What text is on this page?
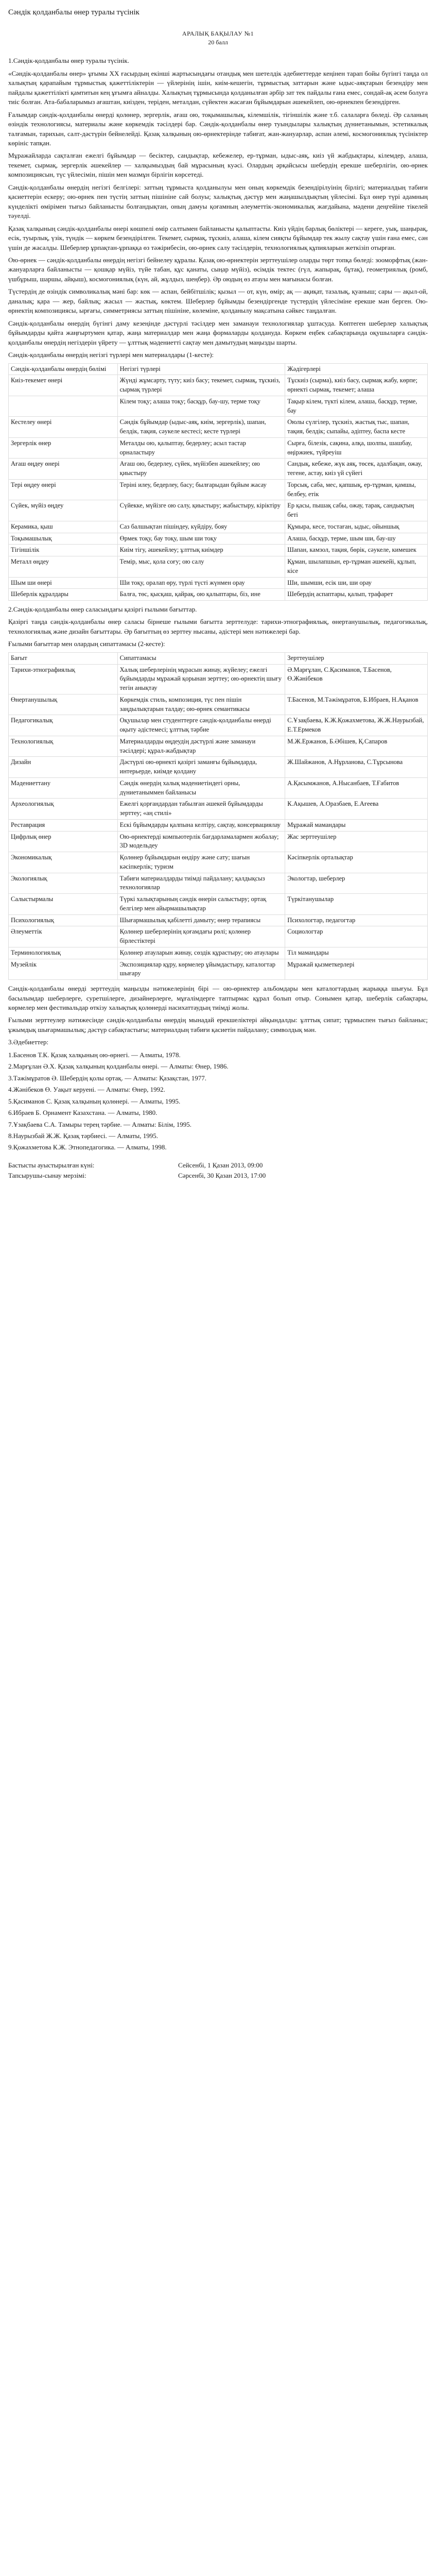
Сәндік қолданбалы өнер туралы түсінік
АРАЛЫҚ БАҚЫЛАУ №1
20 балл
1.Сәндік-қолданбалы өнер туралы түсінік.

«Сәндік-қолданбалы өнер» ұғымы XX ғасырдың екінші жартысындағы отандық мен шетелдік әдебиеттерде кеңінен тарап бойы бүгінгі таңда ол халықтың қарапайым тұрмыстық қажеттіліктерін — үйлерінің ішін, киім-кешегін, тұрмыстық заттарын және ыдыс-аяқтарын безендіру мен пайдалы қажеттілікті қамтитын кең ұғымға айналды. Халықтың тұрмысында қолданылған әрбір зат тек пайдалы ғана емес, сондай-ақ әсем болуға тиіс болған. Ата-бабаларымыз ағаштан, киізден, теріден, металдан, сүйектен жасаған бұйымдарын әшекейлеп, ою-өрнекпен безендірген.

Ғалымдар сәндік-қолданбалы өнерді қолөнер, зергерлік, ағаш ою, тоқымашылық, кілемшілік, тігіншілік және т.б. салаларға бөледі. Әр саланың өзіндік технологиясы, материалы және көркемдік тәсілдері бар. Сәндік-қолданбалы өнер туындылары халықтың дүниетанымын, эстетикалық талғамын, тарихын, салт-дәстүрін бейнелейді. Қазақ халқының ою-өрнектерінде табиғат, жан-жануарлар, аспан әлемі, космогониялық түсініктер көрініс тапқан.

Мұражайларда сақталған ежелгі бұйымдар — бесіктер, сандықтар, кебежелер, ер-тұрман, ыдыс-аяқ, киіз үй жабдықтары, кілемдер, алаша, текемет, сырмақ, зергерлік әшекейлер — халқымыздың бай мұрасының куәсі. Олардың әрқайсысы шебердің ерекше шеберлігін, ою-өрнек композициясын, түс үйлесімін, пішін мен мазмұн бірлігін көрсетеді.

Сәндік-қолданбалы өнердің негізгі белгілері: заттың тұрмыста қолданылуы мен оның көркемдік безендірілуінің бірлігі; материалдың табиғи қасиеттерін ескеру; ою-өрнек пен түстің заттың пішініне сай болуы; халықтық дәстүр мен жаңашылдықтың үйлесімі. Бұл өнер түрі адамның күнделікті өмірімен тығыз байланысты болғандықтан, оның дамуы қоғамның әлеуметтік-экономикалық жағдайына, мәдени деңгейіне тікелей тәуелді.

Қазақ халқының сәндік-қолданбалы өнері көшпелі өмір салтымен байланысты қалыптасты. Киіз үйдің барлық бөліктері — кереге, уық, шаңырақ, есік, туырлық, үзік, түндік — көркем безендірілген. Текемет, сырмақ, тұскиіз, алаша, кілем сияқты бұйымдар тек жылу сақтау үшін ғана емес, сән үшін де жасалды. Шеберлер ұрпақтан-ұрпаққа өз тәжірибесін, ою-өрнек салу тәсілдерін, технологиялық құпияларын жеткізіп отырған.

Ою-өрнек — сәндік-қолданбалы өнердің негізгі бейнелеу құралы. Қазақ ою-өрнектерін зерттеушілер оларды төрт топқа бөледі: зооморфтық (жан-жануарларға байланысты — қошқар мүйіз, түйе табан, құс қанаты, сыңар мүйіз), өсімдік тектес (гүл, жапырақ, бұтақ), геометриялық (ромб, үшбұрыш, шаршы, айқыш), космогониялық (күн, ай, жұлдыз, шеңбер). Әр оюдың өз атауы мен мағынасы болған.

Түстердің де өзіндік символикалық мәні бар: көк — аспан, бейбітшілік; қызыл — от, күн, өмір; ақ — ақиқат, тазалық, қуаныш; сары — ақыл-ой, даналық; қара — жер, байлық; жасыл — жастық, көктем. Шеберлер бұйымды безендіргенде түстердің үйлесіміне ерекше мән берген. Ою-өрнектің композициясы, ырғағы, симметриясы заттың пішініне, көлеміне, қолданылу мақсатына сәйкес таңдалған.

Сәндік-қолданбалы өнердің бүгінгі даму кезеңінде дәстүрлі тәсілдер мен заманауи технологиялар ұштасуда. Көптеген шеберлер халықтық бұйымдарды қайта жаңғыртумен қатар, жаңа материалдар мен жаңа формаларды қолдануда. Көркем еңбек сабақтарында оқушыларға сәндік-қолданбалы өнердің негіздерін үйрету — ұлттық мәдениетті сақтау мен дамытудың маңызды шарты.

Сәндік-қолданбалы өнердің негізгі түрлері мен материалдары (1-кесте):

Сәндік-қолданбалы өнердің бөлімі	Негізгі түрлері	Жәдігерлері
Киіз-текемет өнері	Жүнді жұмсарту, түту; киіз басу; текемет, сырмақ, тұскиіз, сырмақ түрлері	Тұскиіз (сырма), киіз басу, сырмақ жабу, көрпе; өрнекті сырмақ, текемет; алаша
	Кілем тоқу; алаша тоқу; басқұр, бау-шу, терме тоқу	Тақыр кілем, түкті кілем, алаша, басқұр, терме, бау
Кестелеу өнері	Сәндік бұйымдар (ыдыс-аяқ, киім, зергерлік), шапан, белдік, тақия, сәукеле кестесі; кесте түрлері	Оюлы сүлгілер, тұскиіз, жастық тыс, шапан, тақия, белдік; сыпайы, әдіптеу, баспа кесте
Зергерлік өнер	Металды ою, қалыптау, бедерлеу; асыл тастар орналастыру	Сырға, білезік, сақина, алқа, шолпы, шашбау, өңіржиек, түйреуіш
Ағаш өңдеу өнері	Ағаш ою, бедерлеу, сүйек, мүйізбен әшекейлеу; ою қиыстыру	Сандық, кебеже, жүк аяқ, төсек, адалбақан, ожау, тегене, астау, киіз үй сүйегі
Тері өңдеу өнері	Теріні илеу, бедерлеу, басу; былғарыдан бұйым жасау	Торсық, саба, мес, қапшық, ер-тұрман, қамшы, белбеу, етік
Сүйек, мүйіз өңдеу	Сүйекке, мүйізге ою салу, қиыстыру; жабыстыру, кіріктіру	Ер қасы, пышақ сабы, ожау, тарақ, сандықтың беті
Керамика, қыш	Саз балшықтан пішіндеу, күйдіру, бояу	Құмыра, кесе, тостаған, ыдыс, ойыншық
Тоқымашылық	Өрмек тоқу, бау тоқу, шым ши тоқу	Алаша, басқұр, терме, шым ши, бау-шу
Тігіншілік	Киім тігу, әшекейлеу; ұлттық киімдер	Шапан, камзол, тақия, бөрік, сәукеле, кимешек
Металл өңдеу	Темір, мыс, қола соғу; ою салу	Құман, шылапшын, ер-тұрман әшекейі, құлып, кісе
Шым ши өнері	Ши тоқу, оралап өру, түрлі түсті жүнмен орау	Ши, шымши, есік ши, ши орау
Шеберлік құралдары	Балға, төс, қысқаш, қайрақ, ою қалыптары, біз, ине	Шебердің аспаптары, қалып, трафарет
2.Сәндік-қолданбалы өнер саласындағы қазіргі ғылыми бағыттар.

Қазіргі таңда сәндік-қолданбалы өнер саласы бірнеше ғылыми бағытта зерттелуде: тарихи-этнографиялық, өнертанушылық, педагогикалық, технологиялық және дизайн бағыттары. Әр бағыттың өз зерттеу нысаны, әдістері мен нәтижелері бар.

Ғылыми бағыттар мен олардың сипаттамасы (2-кесте):

Бағыт	Сипаттамасы	Зерттеушілер
Тарихи-этнографиялық	Халық шеберлерінің мұрасын жинау, жүйелеу; ежелгі бұйымдарды мұражай қорынан зерттеу; ою-өрнектің шығу тегін анықтау	Ә.Марғұлан, С.Қасиманов, Т.Басенов, Ө.Жәнібеков
Өнертанушылық	Көркемдік стиль, композиция, түс пен пішін заңдылықтарын талдау; ою-өрнек семантикасы	Т.Басенов, М.Тәжімұратов, Б.Ибраев, Н.Ақанов
Педагогикалық	Оқушылар мен студенттерге сәндік-қолданбалы өнерді оқыту әдістемесі; ұлттық тәрбие	С.Ұзақбаева, К.Ж.Қожахметова, Ж.Ж.Наурызбай, Е.Т.Ермеков
Технологиялық	Материалдарды өңдеудің дәстүрлі және заманауи тәсілдері; құрал-жабдықтар	М.Ж.Ержанов, Б.Әбішев, Қ.Сапаров
Дизайн	Дәстүрлі ою-өрнекті қазіргі заманғы бұйымдарда, интерьерде, киімде қолдану	Ж.Шайжанов, А.Нұрланова, С.Тұрсынова
Мәдениеттану	Сәндік өнердің халық мәдениетіндегі орны, дүниетаныммен байланысы	А.Қасымжанов, А.Нысанбаев, Т.Ғабитов
Археологиялық	Ежелгі қорғандардан табылған әшекей бұйымдарды зерттеу; «аң стилі»	К.Ақышев, А.Оразбаев, Е.Ағеева
Реставрация	Ескі бұйымдарды қалпына келтіру, сақтау, консервациялау	Мұражай мамандары
Цифрлық өнер	Ою-өрнектерді компьютерлік бағдарламалармен жобалау; 3D модельдеу	Жас зерттеушілер
Экономикалық	Қолөнер бұйымдарын өндіру және сату; шағын кәсіпкерлік; туризм	Кәсіпкерлік орталықтар
Экологиялық	Табиғи материалдарды тиімді пайдалану; қалдықсыз технологиялар	Экологтар, шеберлер
Салыстырмалы	Түркі халықтарының сәндік өнерін салыстыру; ортақ белгілер мен айырмашылықтар	Түркітанушылар
Психологиялық	Шығармашылық қабілетті дамыту; өнер терапиясы	Психологтар, педагогтар
Әлеуметтік	Қолөнер шеберлерінің қоғамдағы рөлі; қолөнер бірлестіктері	Социологтар
Терминологиялық	Қолөнер атауларын жинау, сөздік құрастыру; ою атаулары	Тіл мамандары
Музейлік	Экспозициялар құру, көрмелер ұйымдастыру, каталогтар шығару	Мұражай қызметкерлері

Сәндік-қолданбалы өнерді зерттеудің маңызды нәтижелерінің бірі — ою-өрнектер альбомдары мен каталогтардың жарыққа шығуы. Бұл басылымдар шеберлерге, суретшілерге, дизайнерлерге, мұғалімдерге таптырмас құрал болып отыр. Сонымен қатар, шеберлік сабақтары, көрмелер мен фестивальдар өткізу халықтық қолөнерді насихаттаудың тиімді жолы.

Ғылыми зерттеулер нәтижесінде сәндік-қолданбалы өнердің мынадай ерекшеліктері айқындалды: ұлттық сипат; тұрмыспен тығыз байланыс; ұжымдық шығармашылық; дәстүр сабақтастығы; материалдың табиғи қасиетін пайдалану; символдық мән.

3.Әдебиеттер:

1.Басенов Т.К. Қазақ халқының ою-өрнегі. — Алматы, 1978.

2.Марғұлан Ә.Х. Қазақ халқының қолданбалы өнері. — Алматы: Өнер, 1986.

3.Тәжімұратов Ә. Шебердің қолы ортақ. — Алматы: Қазақстан, 1977.

4.Жәнібеков Ө. Уақыт керуені. — Алматы: Өнер, 1992.

5.Қасиманов С. Қазақ халқының қолөнері. — Алматы, 1995.

6.Ибраев Б. Орнамент Казахстана. — Алматы, 1980.

7.Ұзақбаева С.А. Тамыры терең тәрбие. — Алматы: Білім, 1995.

8.Наурызбай Ж.Ж. Қазақ тәрбиесі. — Алматы, 1995.

9.Қожахметова К.Ж. Этнопедагогика. — Алматы, 1998.

Бастысты ауыстырылған күні:	Сейсенбі, 1 Қазан 2013, 09:00
Тапсырушы-сынау мерзімі:	Сәрсенбі, 30 Қазан 2013, 17:00
